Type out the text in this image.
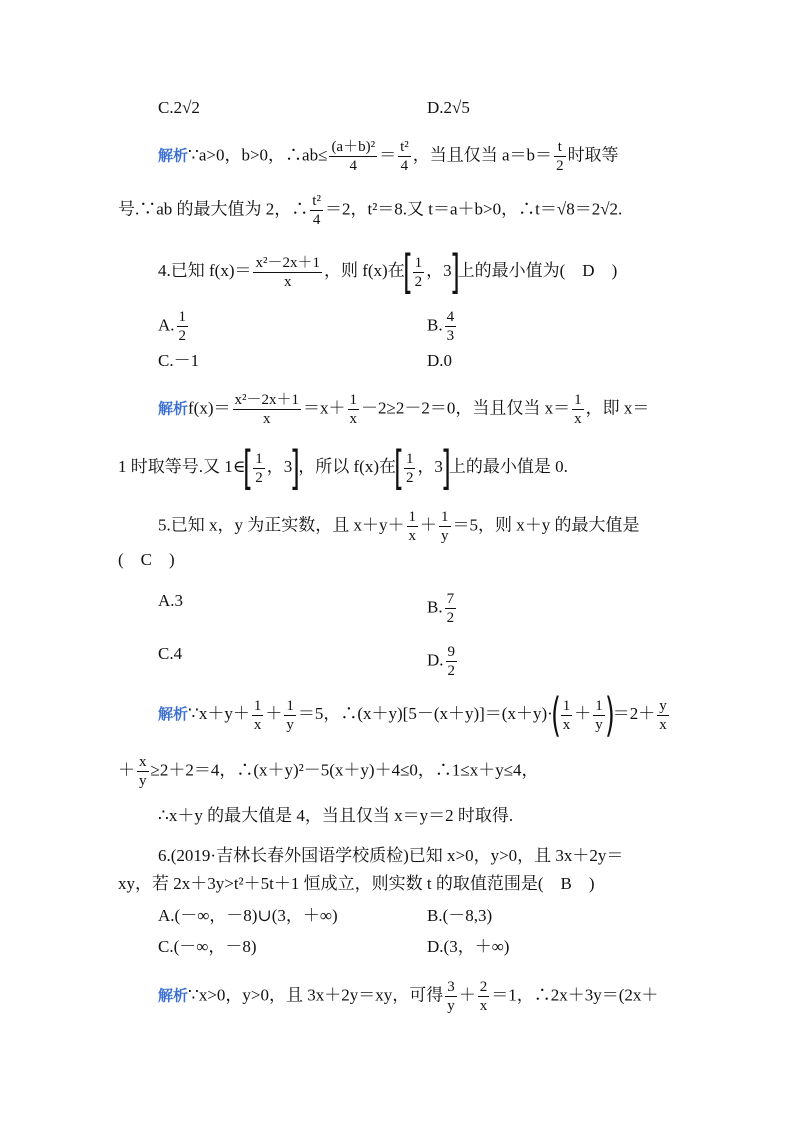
C.2√2	D.2√5
解析∵a>0，b>0，∴ab≤ $\frac{\text{(a＋b)²}}{4} = \frac{\text{t²}}{4}$ ，当且仅当 $a=b= \frac{t}{2}$ 时取等
号.∵ab 的最大值为 2，∴ $\frac{\text{t²}}{4} =2$，t²＝8.又 t＝a＋b>0，∴t＝√8＝2√2.
4.已知 $f(x)= \frac{\text{x²－2x＋1}}{x}$ ，则 f(x)在[ $\frac{1}{2}$ ，3]上的最小值为(　D　)
A. $\frac{1}{2}$	B. $\frac{4}{3}$
C.－1	D.0
解析$f(x)= \frac{\text{x²－2x＋1}}{x} =x+ \frac{1}{x} -2\ge 2-2=0$，当且仅当 $x= \frac{1}{x}$ ，即 x＝
1 时取等号.又 1∈[ $\frac{1}{2}$ ，3]，所以 f(x)在[ $\frac{1}{2}$ ，3]上的最小值是 0.
5.已知 x，y 为正实数，且 $x+y+ \frac{1}{x} + \frac{1}{y} =5$，则 x＋y 的最大值是
(　C　)
A.3	B. $\frac{7}{2}$
C.4	D. $\frac{9}{2}$
解析∵x＋y＋ $\frac{1}{x} + \frac{1}{y} =5$，∴(x＋y)[5－(x＋y)]＝(x＋y)·( $\frac{1}{x} + \frac{1}{y} )=2+ \frac{y}{x}$
＋ $\frac{x}{y} \ge 2+2=4$，∴(x＋y)²－5(x＋y)＋4≤0，∴1≤x＋y≤4，
∴x＋y 的最大值是 4，当且仅当 x＝y＝2 时取得.
6.(2019·吉林长春外国语学校质检)已知 x>0，y>0，且 3x＋2y＝
xy，若 2x＋3y>t²＋5t＋1 恒成立，则实数 t 的取值范围是(　B　)
A.(－∞，－8)∪(3，＋∞)	B.(－8,3)
C.(－∞，－8)	D.(3，＋∞)
解析∵x>0，y>0，且 3x＋2y＝xy，可得 $\frac{3}{y} + \frac{2}{x} =1$，∴2x＋3y＝(2x＋
